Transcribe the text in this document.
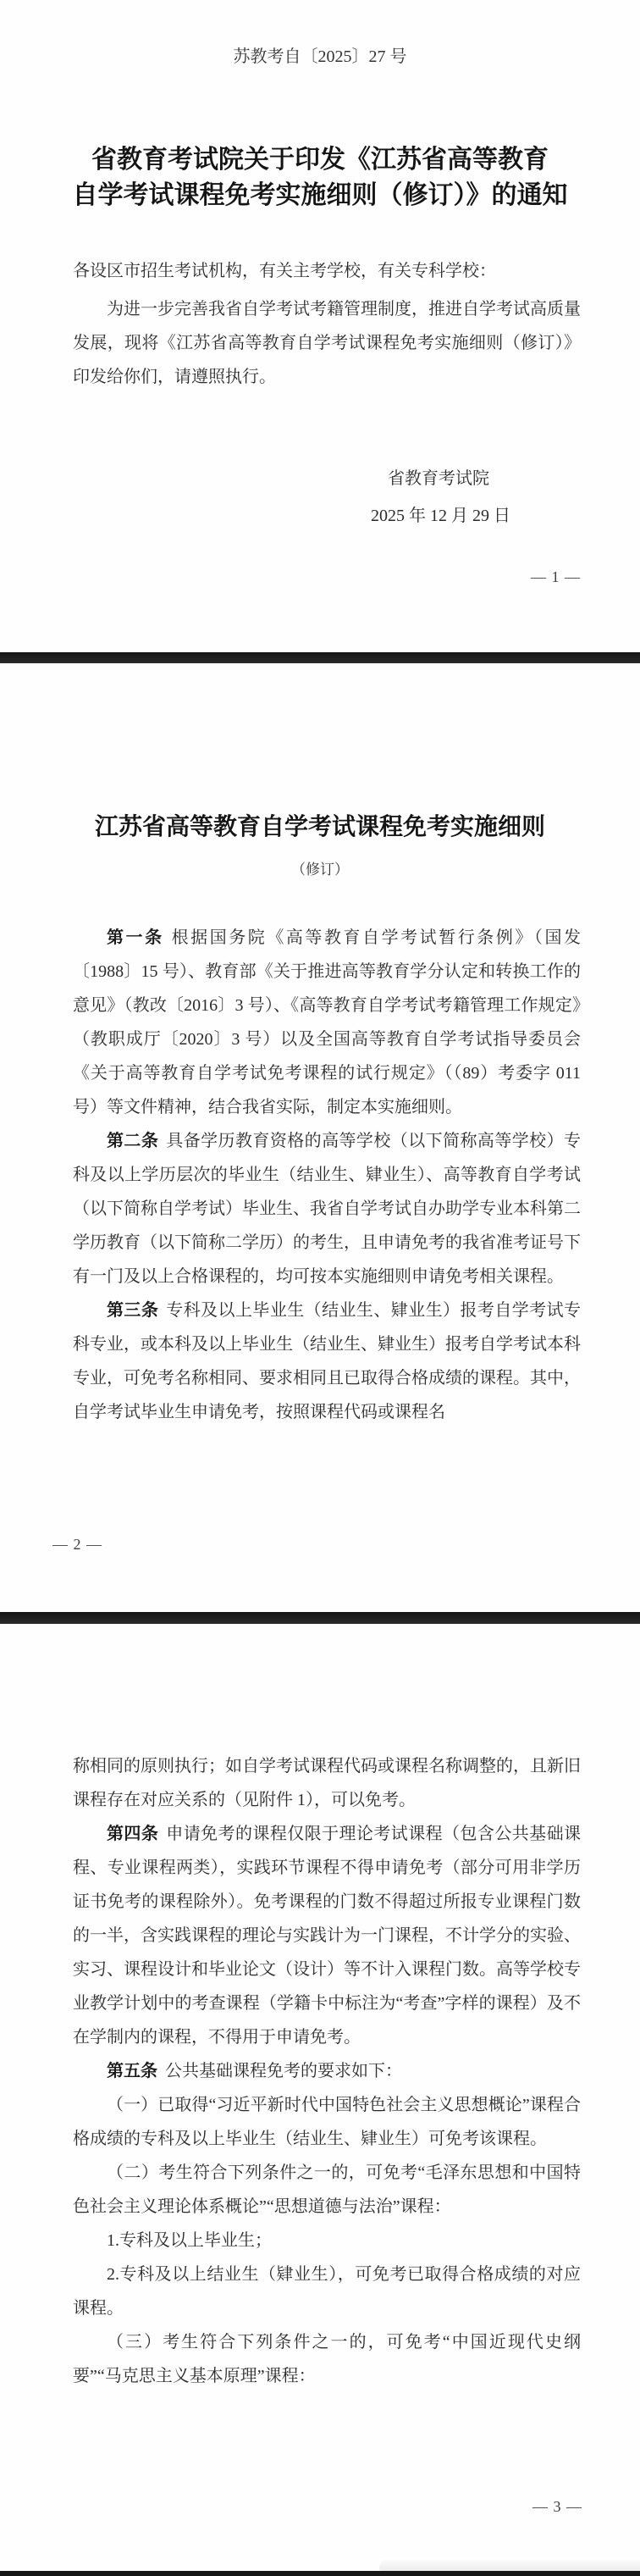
苏教考自〔2025〕27 号
省教育考试院关于印发《江苏省高等教育
自学考试课程免考实施细则（修订）》的通知
各设区市招生考试机构，有关主考学校，有关专科学校：

为进一步完善我省自学考试考籍管理制度，推进自学考试高质量发展，现将《江苏省高等教育自学考试课程免考实施细则（修订）》印发给你们，请遵照执行。

省教育考试院
2025 年 12 月 29 日
— 1 —
江苏省高等教育自学考试课程免考实施细则
（修订）

第一条 根据国务院《高等教育自学考试暂行条例》（国发〔1988〕15 号）、教育部《关于推进高等教育学分认定和转换工作的意见》（教改〔2016〕3 号）、《高等教育自学考试考籍管理工作规定》（教职成厅〔2020〕3 号）以及全国高等教育自学考试指导委员会《关于高等教育自学考试免考课程的试行规定》（（89）考委字 011 号）等文件精神，结合我省实际，制定本实施细则。

第二条 具备学历教育资格的高等学校（以下简称高等学校）专科及以上学历层次的毕业生（结业生、肄业生）、高等教育自学考试（以下简称自学考试）毕业生、我省自学考试自办助学专业本科第二学历教育（以下简称二学历）的考生，且申请免考的我省准考证号下有一门及以上合格课程的，均可按本实施细则申请免考相关课程。

第三条 专科及以上毕业生（结业生、肄业生）报考自学考试专科专业，或本科及以上毕业生（结业生、肄业生）报考自学考试本科专业，可免考名称相同、要求相同且已取得合格成绩的课程。其中，自学考试毕业生申请免考，按照课程代码或课程名

— 2 —

称相同的原则执行；如自学考试课程代码或课程名称调整的，且新旧课程存在对应关系的（见附件 1），可以免考。

第四条 申请免考的课程仅限于理论考试课程（包含公共基础课程、专业课程两类），实践环节课程不得申请免考（部分可用非学历证书免考的课程除外）。免考课程的门数不得超过所报专业课程门数的一半，含实践课程的理论与实践计为一门课程，不计学分的实验、实习、课程设计和毕业论文（设计）等不计入课程门数。高等学校专业教学计划中的考查课程（学籍卡中标注为“考查”字样的课程）及不在学制内的课程，不得用于申请免考。

第五条 公共基础课程免考的要求如下：

（一）已取得“习近平新时代中国特色社会主义思想概论”课程合格成绩的专科及以上毕业生（结业生、肄业生）可免考该课程。

（二）考生符合下列条件之一的，可免考“毛泽东思想和中国特色社会主义理论体系概论”“思想道德与法治”课程：

1.专科及以上毕业生；

2.专科及以上结业生（肄业生），可免考已取得合格成绩的对应课程。

（三）考生符合下列条件之一的，可免考“中国近现代史纲要”“马克思主义基本原理”课程：

— 3 —
